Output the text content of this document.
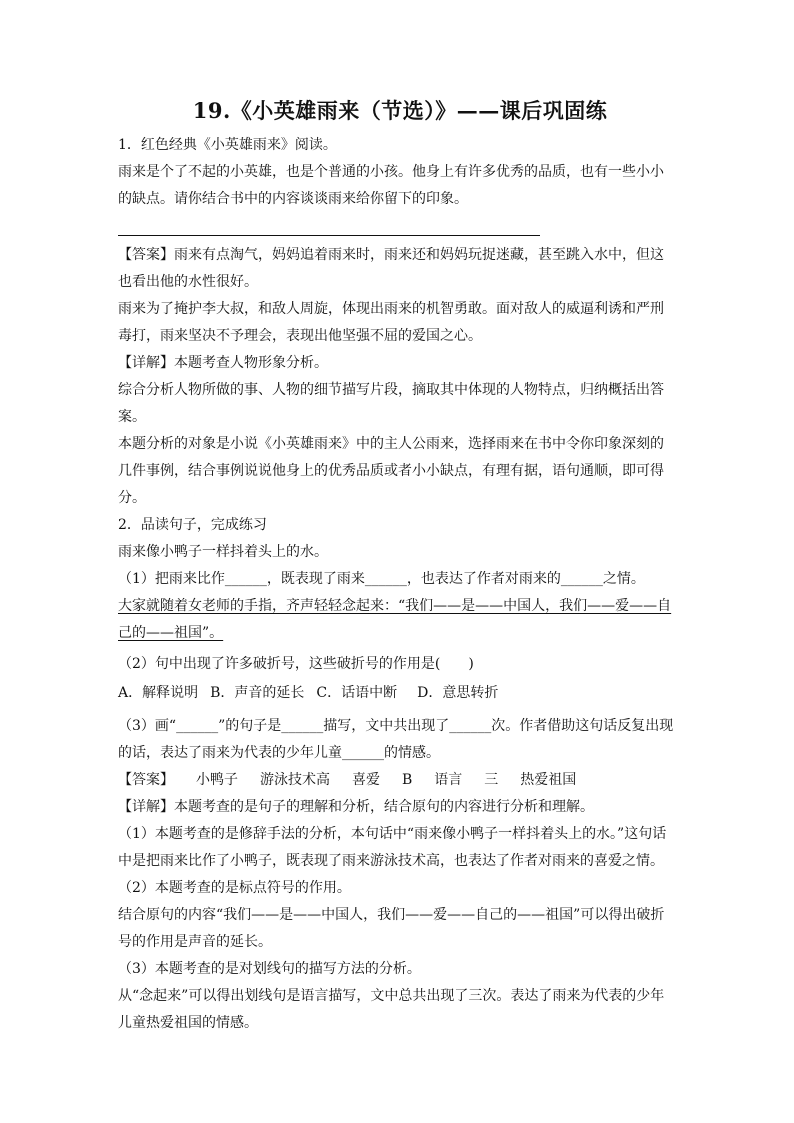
19.《小英雄雨来（节选）》——课后巩固练
1．红色经典《小英雄雨来》阅读。
雨来是个了不起的小英雄，也是个普通的小孩。他身上有许多优秀的品质，也有一些小小
的缺点。请你结合书中的内容谈谈雨来给你留下的印象。
【答案】雨来有点淘气，妈妈追着雨来时，雨来还和妈妈玩捉迷藏，甚至跳入水中，但这
也看出他的水性很好。
雨来为了掩护李大叔，和敌人周旋，体现出雨来的机智勇敢。面对敌人的威逼利诱和严刑
毒打，雨来坚决不予理会，表现出他坚强不屈的爱国之心。
【详解】本题考查人物形象分析。
综合分析人物所做的事、人物的细节描写片段，摘取其中体现的人物特点，归纳概括出答
案。
本题分析的对象是小说《小英雄雨来》中的主人公雨来，选择雨来在书中令你印象深刻的
几件事例，结合事例说说他身上的优秀品质或者小小缺点，有理有据，语句通顺，即可得
分。
2．品读句子，完成练习
雨来像小鸭子一样抖着头上的水。
（1）把雨来比作______，既表现了雨来______，也表达了作者对雨来的______之情。
大家就随着女老师的手指，齐声轻轻念起来：“我们——是——中国人，我们——爱——自
己的——祖国”。
（2）句中出现了许多破折号，这些破折号的作用是(　　)
A．解释说明 B．声音的延长 C．话语中断 D．意思转折
（3）画“______”的句子是______描写，文中共出现了______次。作者借助这句话反复出现
的话，表达了雨来为代表的少年儿童______的情感。
【答案】 小鸭子 游泳技术高 喜爱 B 语言 三 热爱祖国
【详解】本题考查的是句子的理解和分析，结合原句的内容进行分析和理解。
（1）本题考查的是修辞手法的分析，本句话中“雨来像小鸭子一样抖着头上的水。”这句话
中是把雨来比作了小鸭子，既表现了雨来游泳技术高，也表达了作者对雨来的喜爱之情。
（2）本题考查的是标点符号的作用。
结合原句的内容“我们——是——中国人，我们——爱——自己的——祖国”可以得出破折
号的作用是声音的延长。
（3）本题考查的是对划线句的描写方法的分析。
从“念起来”可以得出划线句是语言描写，文中总共出现了三次。表达了雨来为代表的少年
儿童热爱祖国的情感。
